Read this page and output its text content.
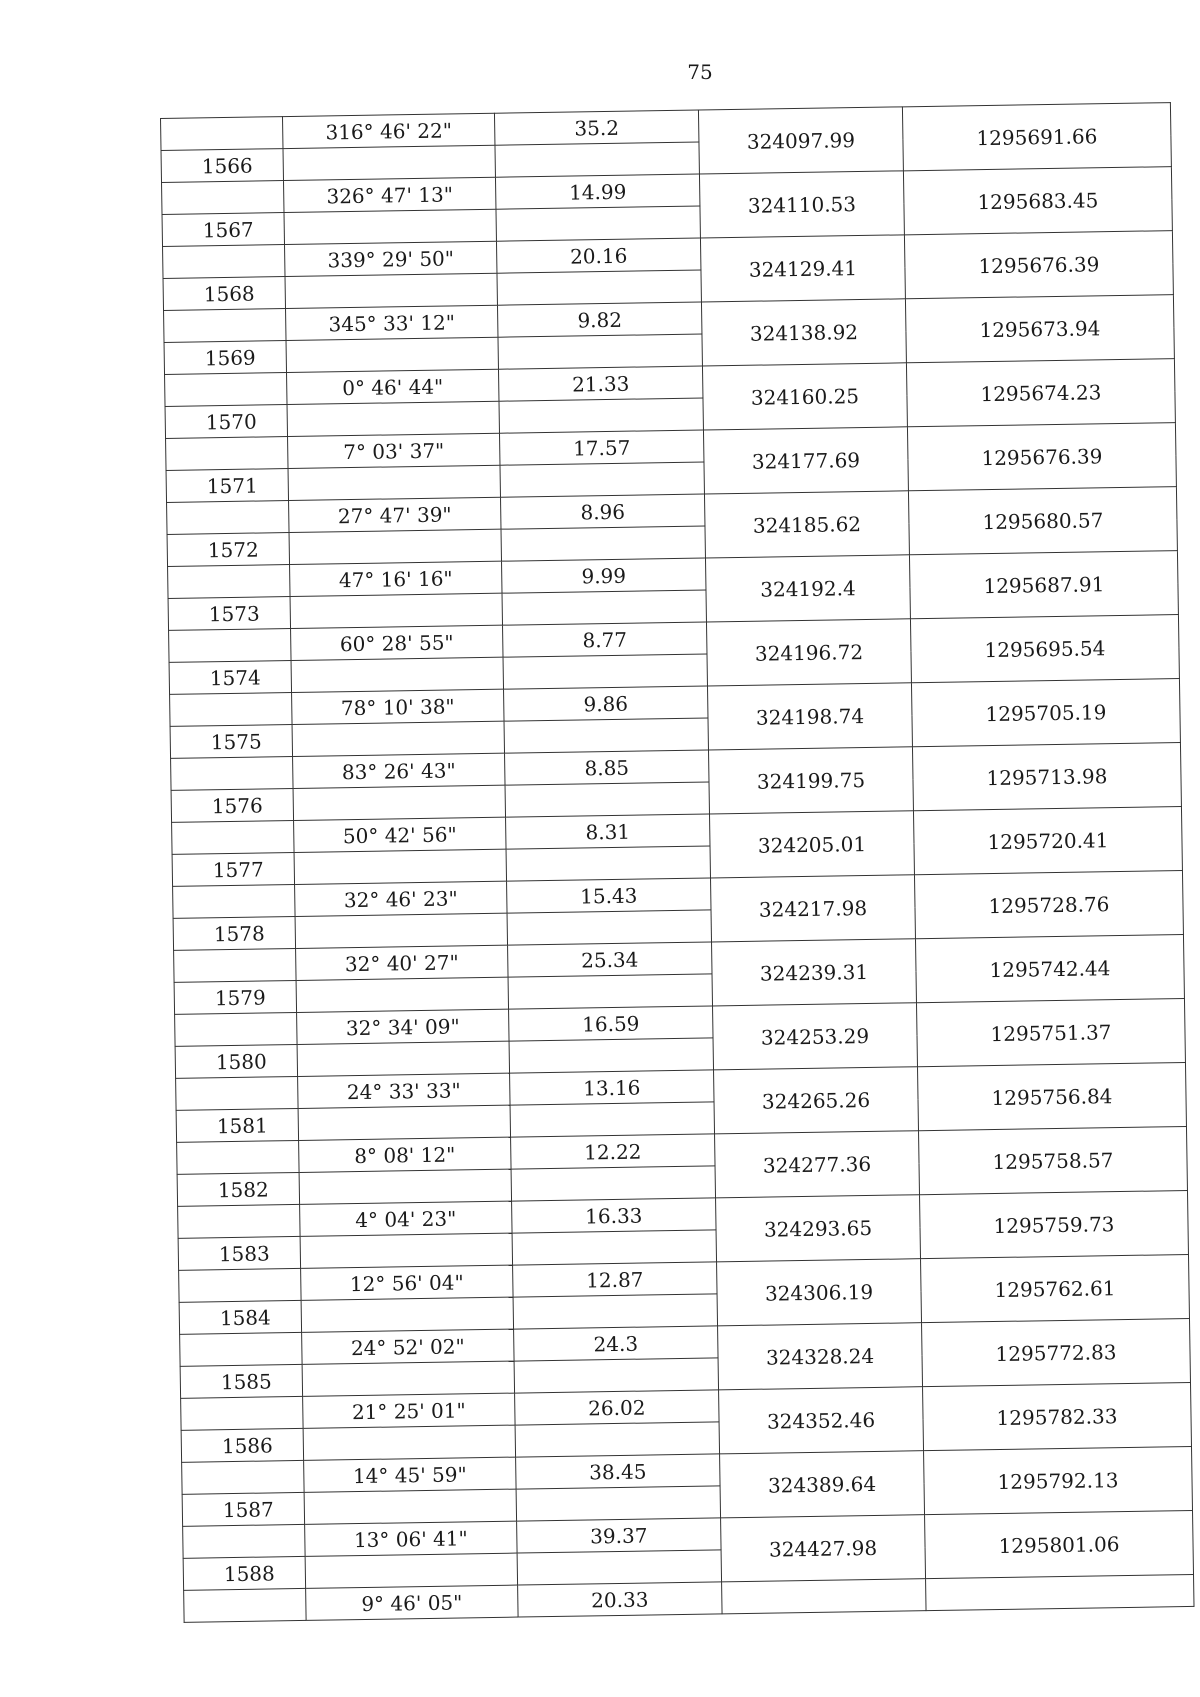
75
	316° 46' 22"	35.2	324097.99	1295691.66
1566				
	326° 47' 13"	14.99	324110.53	1295683.45
1567				
	339° 29' 50"	20.16	324129.41	1295676.39
1568				
	345° 33' 12"	9.82	324138.92	1295673.94
1569				
	0° 46' 44"	21.33	324160.25	1295674.23
1570				
	7° 03' 37"	17.57	324177.69	1295676.39
1571				
	27° 47' 39"	8.96	324185.62	1295680.57
1572				
	47° 16' 16"	9.99	324192.4	1295687.91
1573				
	60° 28' 55"	8.77	324196.72	1295695.54
1574				
	78° 10' 38"	9.86	324198.74	1295705.19
1575				
	83° 26' 43"	8.85	324199.75	1295713.98
1576				
	50° 42' 56"	8.31	324205.01	1295720.41
1577				
	32° 46' 23"	15.43	324217.98	1295728.76
1578				
	32° 40' 27"	25.34	324239.31	1295742.44
1579				
	32° 34' 09"	16.59	324253.29	1295751.37
1580				
	24° 33' 33"	13.16	324265.26	1295756.84
1581				
	8° 08' 12"	12.22	324277.36	1295758.57
1582				
	4° 04' 23"	16.33	324293.65	1295759.73
1583				
	12° 56' 04"	12.87	324306.19	1295762.61
1584				
	24° 52' 02"	24.3	324328.24	1295772.83
1585				
	21° 25' 01"	26.02	324352.46	1295782.33
1586				
	14° 45' 59"	38.45	324389.64	1295792.13
1587				
	13° 06' 41"	39.37	324427.98	1295801.06
1588				
	9° 46' 05"	20.33		
